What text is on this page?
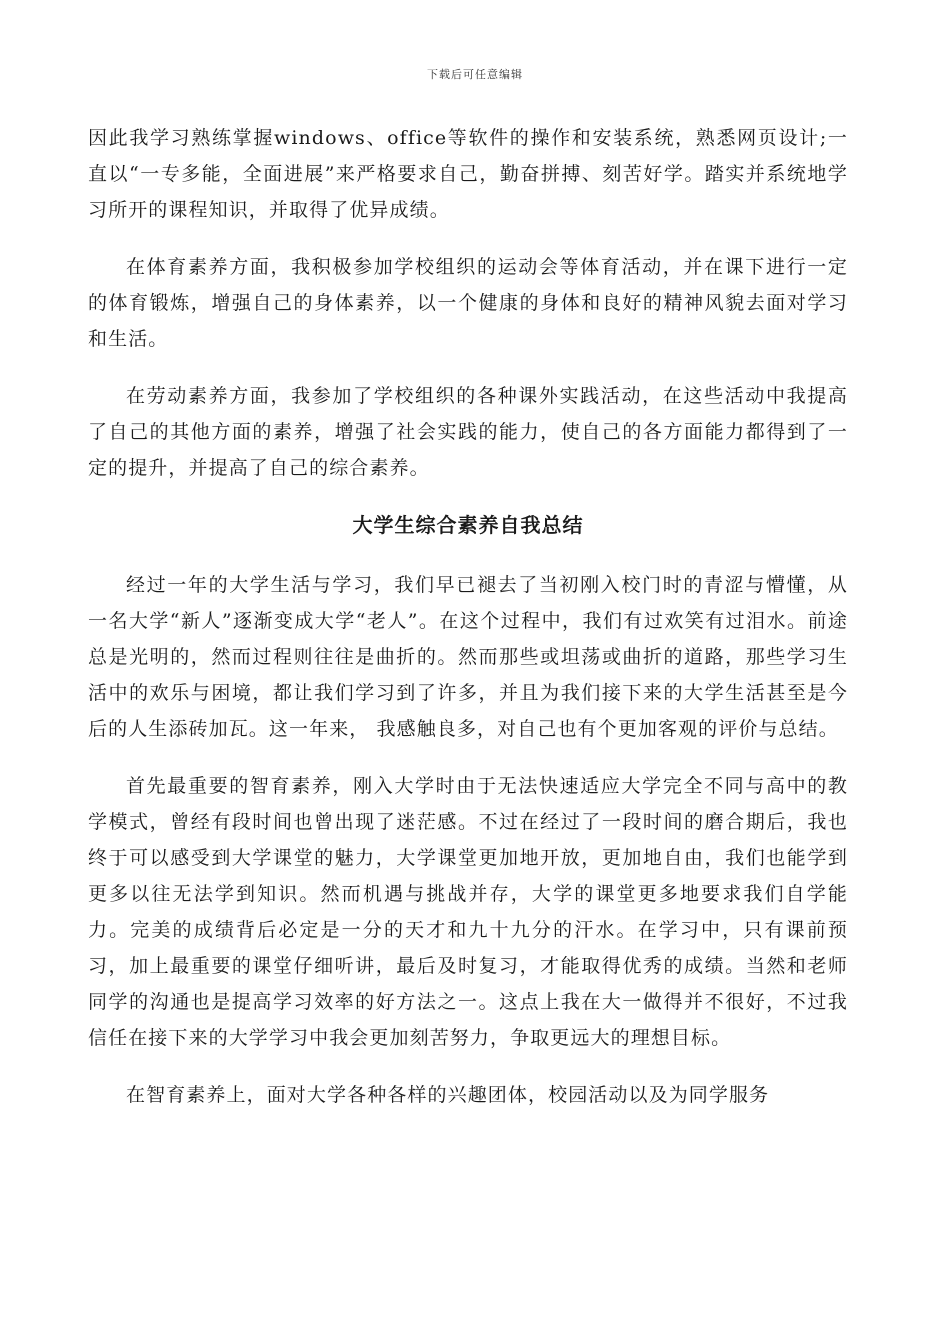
下载后可任意编辑

因此我学习熟练掌握windows、office等软件的操作和安装系统，熟悉网页设计;一直以“一专多能，全面进展”来严格要求自己，勤奋拼搏、刻苦好学。踏实并系统地学习所开的课程知识，并取得了优异成绩。

在体育素养方面，我积极参加学校组织的运动会等体育活动，并在课下进行一定的体育锻炼，增强自己的身体素养，以一个健康的身体和良好的精神风貌去面对学习和生活。

在劳动素养方面，我参加了学校组织的各种课外实践活动，在这些活动中我提高了自己的其他方面的素养，增强了社会实践的能力，使自己的各方面能力都得到了一定的提升，并提高了自己的综合素养。

大学生综合素养自我总结

经过一年的大学生活与学习，我们早已褪去了当初刚入校门时的青涩与懵懂，从一名大学“新人”逐渐变成大学“老人”。在这个过程中，我们有过欢笑有过泪水。前途总是光明的，然而过程则往往是曲折的。然而那些或坦荡或曲折的道路，那些学习生活中的欢乐与困境，都让我们学习到了许多，并且为我们接下来的大学生活甚至是今后的人生添砖加瓦。这一年来， 我感触良多，对自己也有个更加客观的评价与总结。

首先最重要的智育素养，刚入大学时由于无法快速适应大学完全不同与高中的教学模式，曾经有段时间也曾出现了迷茫感。不过在经过了一段时间的磨合期后，我也终于可以感受到大学课堂的魅力，大学课堂更加地开放，更加地自由，我们也能学到更多以往无法学到知识。然而机遇与挑战并存，大学的课堂更多地要求我们自学能力。完美的成绩背后必定是一分的天才和九十九分的汗水。在学习中，只有课前预习，加上最重要的课堂仔细听讲，最后及时复习，才能取得优秀的成绩。当然和老师同学的沟通也是提高学习效率的好方法之一。这点上我在大一做得并不很好，不过我信任在接下来的大学学习中我会更加刻苦努力，争取更远大的理想目标。

在智育素养上，面对大学各种各样的兴趣团体，校园活动以及为同学服务
